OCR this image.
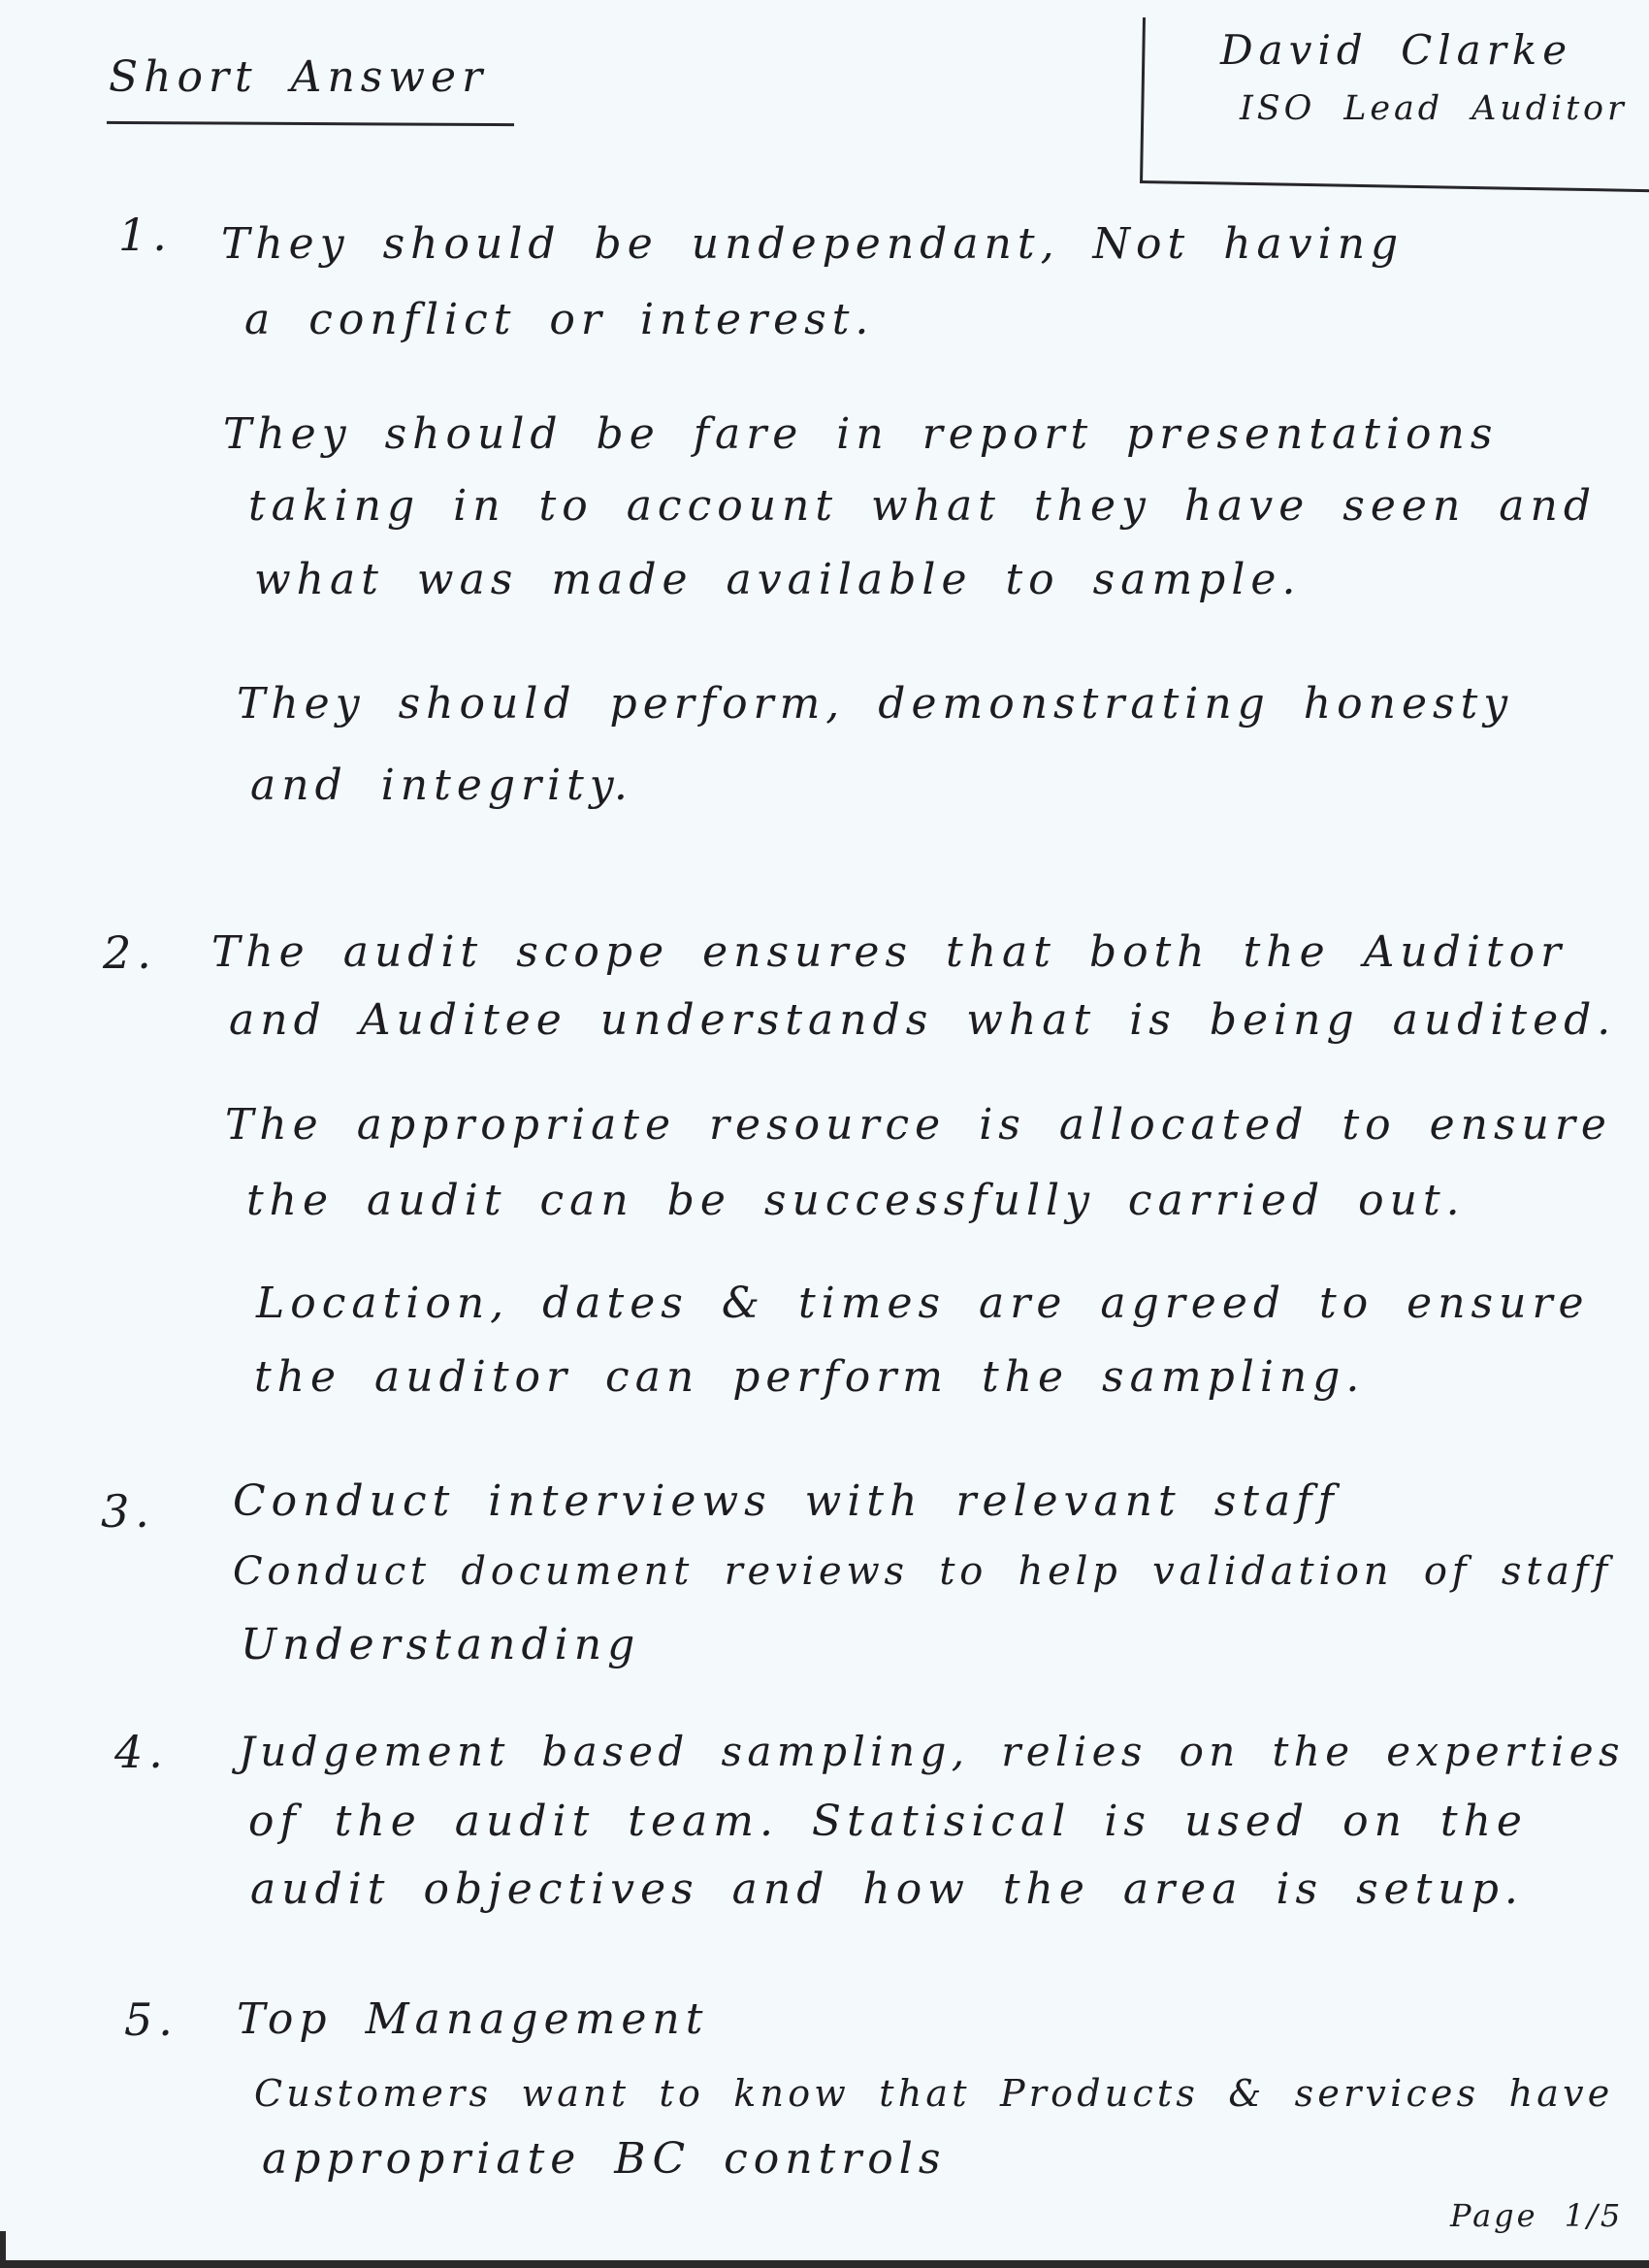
Short Answer
David Clarke
ISO Lead Auditor
1. They should be undependant, Not having
a conflict or interest.
They should be fare in report presentations
taking in to account what they have seen and
what was made available to sample.
They should perform, demonstrating honesty
and integrity.
2. The audit scope ensures that both the Auditor
and Auditee understands what is being audited.
The appropriate resource is allocated to ensure
the audit can be successfully carried out.
Location, dates & times are agreed to ensure
the auditor can perform the sampling.
3. Conduct interviews with relevant staff
Conduct document reviews to help validation of staff
Understanding
4. Judgement based sampling, relies on the experties
of the audit team. Statisical is used on the
audit objectives and how the area is setup.
5. Top Management
Customers want to know that Products & services have
appropriate BC controls
Page 1/5
